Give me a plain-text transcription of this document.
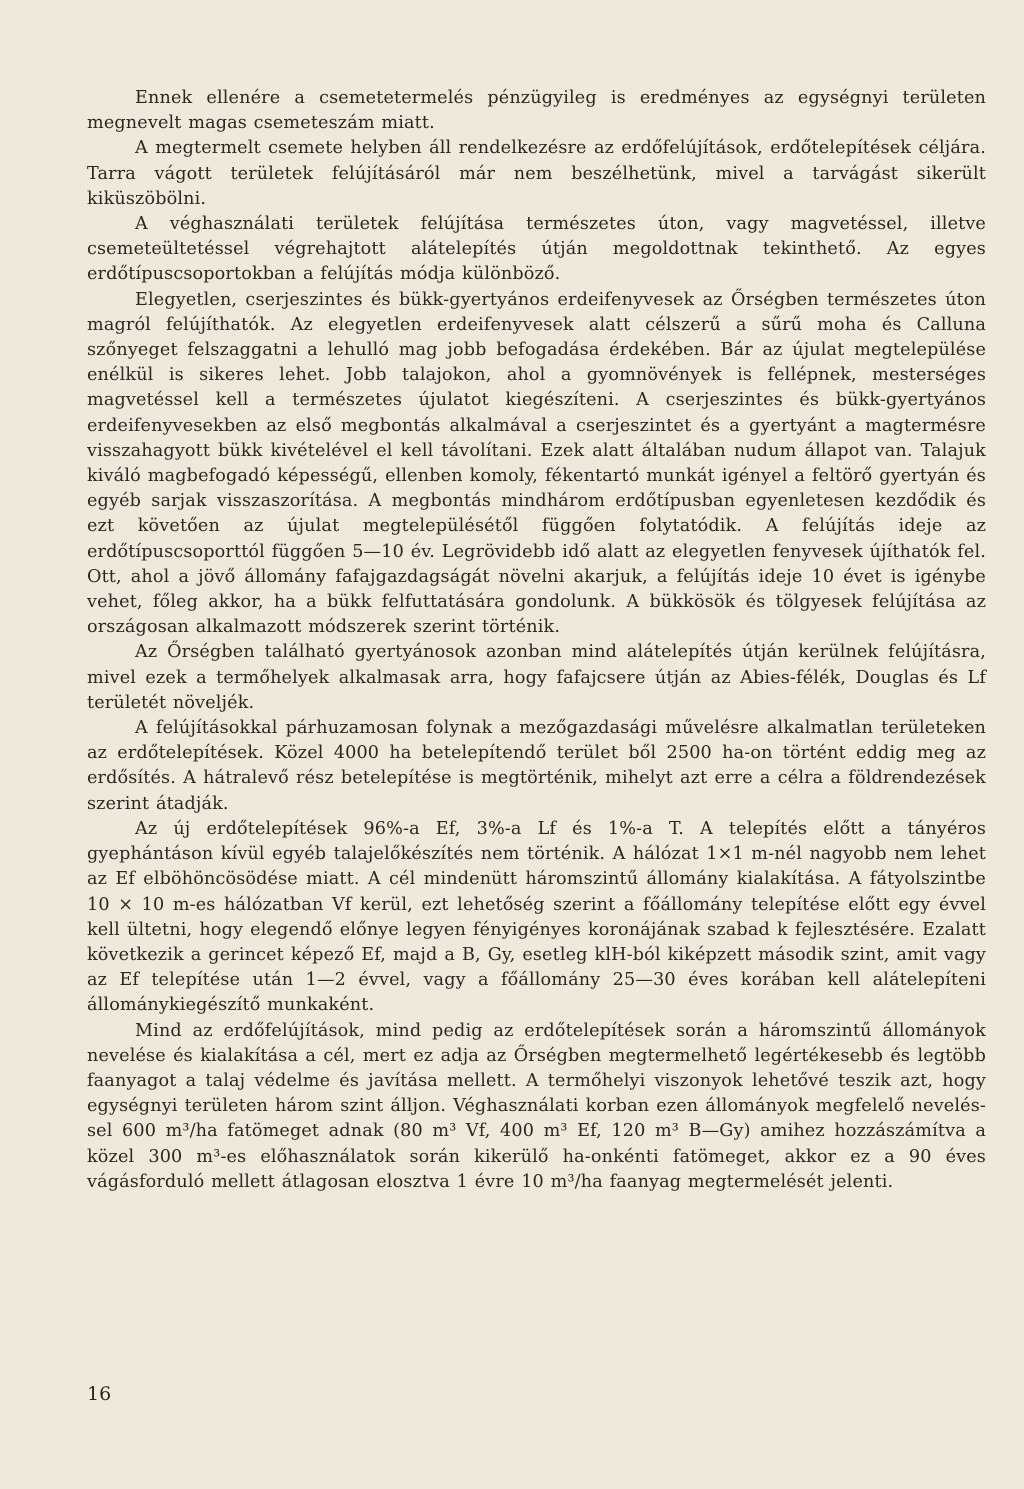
Ennek ellenére a csemetetermelés pénzügyileg is eredményes az egységnyi területen megnevelt magas csemeteszám miatt.

A megtermelt csemete helyben áll rendelkezésre az erdőfelújítások, erdőtelepítések céljára. Tarra vágott területek felújításáról már nem beszélhetünk, mivel a tarvágást sikerült kiküszöbölni.

A véghasználati területek felújítása természetes úton, vagy magvetéssel, illetve csemeteültetéssel végrehajtott alátelepítés útján megoldottnak tekinthető. Az egyes erdőtípuscsoportokban a felújítás módja különböző.

Elegyetlen, cserjeszintes és bükk-gyertyános erdeifenyvesek az Őrségben természetes úton magról felújíthatók. Az elegyetlen erdeifenyvesek alatt célszerű a sűrű moha és Calluna szőnyeget felszaggatni a lehulló mag jobb befogadása érdekében. Bár az újulat megtelepülése enélkül is sikeres lehet. Jobb talajokon, ahol a gyomnövények is fellépnek, mesterséges magvetéssel kell a természetes újulatot kiegészíteni. A cserjeszintes és bükk-gyertyános erdeifenyvesekben az első megbontás alkalmával a cserjeszintet és a gyertyánt a magtermésre visszahagyott bükk kivételével el kell távolítani. Ezek alatt általában nudum állapot van. Talajuk kiváló magbefogadó képességű, ellenben komoly, fékentartó munkát igényel a feltörő gyertyán és egyéb sarjak visszaszorítása. A megbontás mindhárom erdőtípusban egyenletesen kezdődik és ezt követően az újulat megtelepülésétől függően folytatódik. A felújítás ideje az erdőtípuscsoporttól függően 5—10 év. Legrövidebb idő alatt az elegyetlen fenyvesek újíthatók fel. Ott, ahol a jövő állomány fafajgazdagságát növelni akarjuk, a felújítás ideje 10 évet is igénybe vehet, főleg akkor, ha a bükk felfuttatására gondolunk. A bükkösök és tölgyesek felújítása az országosan alkalmazott módszerek szerint történik.

Az Őrségben található gyertyánosok azonban mind alátelepítés útján kerülnek felújításra, mivel ezek a termőhelyek alkalmasak arra, hogy fafajcsere útján az Abies-félék, Douglas és Lf területét növeljék.

A felújításokkal párhuzamosan folynak a mezőgazdasági művelésre alkalmatlan területeken az erdőtelepítések. Közel 4000 ha betelepítendő terület ből 2500 ha-on történt eddig meg az erdősítés. A hátralevő rész betelepítése is megtörténik, mihelyt azt erre a célra a földrendezések szerint átadják.

Az új erdőtelepítések 96%-a Ef, 3%-a Lf és 1%-a T. A telepítés előtt a tányéros gyephántáson kívül egyéb talajelőkészítés nem történik. A hálózat 1×1 m-nél nagyobb nem lehet az Ef elböhöncösödése miatt. A cél mindenütt háromszintű állomány kialakítása. A fátyolszintbe 10 × 10 m-es hálózatban Vf kerül, ezt lehetőség szerint a főállomány telepítése előtt egy évvel kell ültetni, hogy elegendő előnye legyen fényigényes koronájának szabad k fejlesztésére. Ezalatt következik a gerincet képező Ef, majd a B, Gy, esetleg klH-ból kiképzett második szint, amit vagy az Ef telepítése után 1—2 évvel, vagy a főállomány 25—30 éves korában kell alátelepíteni állománykiegészítő munkaként.

Mind az erdőfelújítások, mind pedig az erdőtelepítések során a háromszintű állományok nevelése és kialakítása a cél, mert ez adja az Őrségben megtermelhető legértékesebb és legtöbb faanyagot a talaj védelme és javítása mellett. A termőhelyi viszonyok lehetővé teszik azt, hogy egységnyi területen három szint álljon. Véghasználati korban ezen állományok megfelelő nevelés-sel 600 m³/ha fatömeget adnak (80 m³ Vf, 400 m³ Ef, 120 m³ B—Gy) amihez hozzászámítva a közel 300 m³-es előhasználatok során kikerülő ha-onkénti fatömeget, akkor ez a 90 éves vágásforduló mellett átlagosan elosztva 1 évre 10 m³/ha faanyag megtermelését jelenti.

16
